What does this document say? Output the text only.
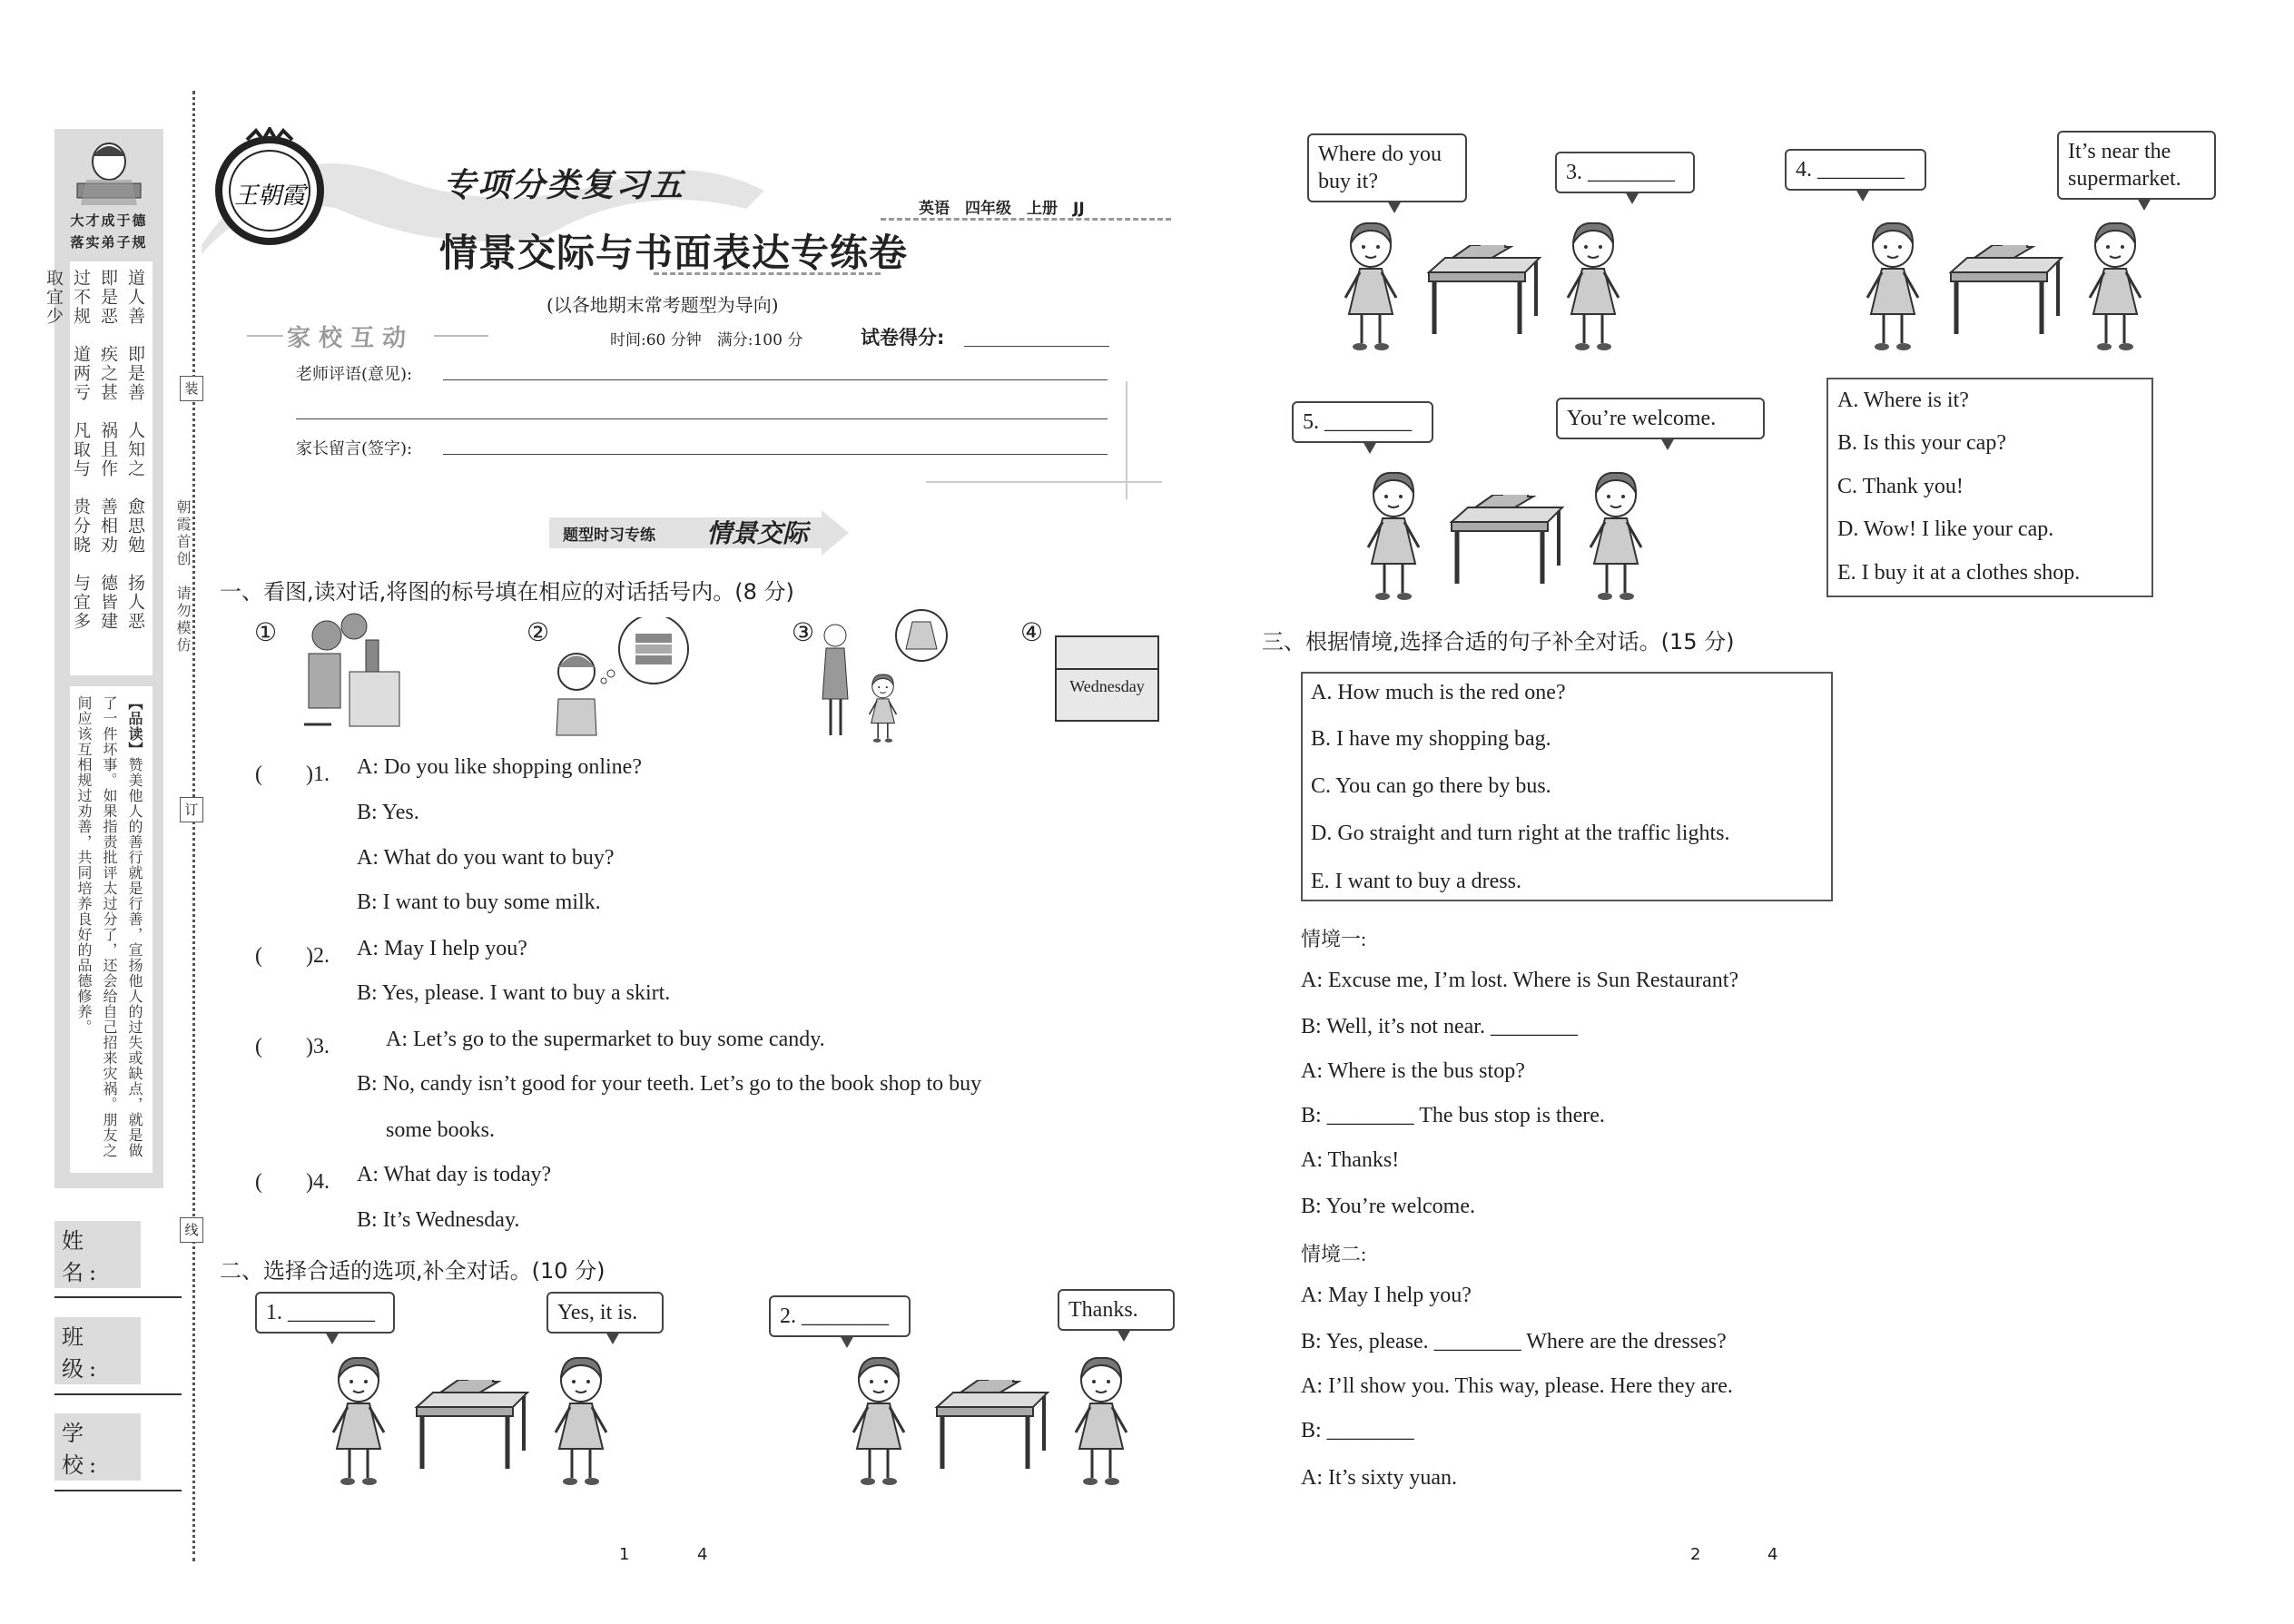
大才成于德
落实弟子规
道人善　即是善　人知之　愈思勉　扬人恶　即是恶　疾之甚　祸且作　善相劝　德皆建　过不规　道两亏　凡取与　贵分晓　与宜多　取宜少
【品读】赞美他人的善行就是行善，宣扬他人的过失或缺点，就是做了一件坏事。如果指责批评太过分了，还会给自己招来灾祸。朋友之间应该互相规过劝善，共同培养良好的品德修养。
姓 名:
班 级:
学 校:
装
订
线
朝霞首创　请勿模仿
王朝霞	专项分类复习五
情景交际与书面表达专练卷
英语　四年级　上册　JJ
(以各地期末常考题型为导向)
家 校 互 动	时间:60 分钟　满分:100 分	试卷得分:
老师评语(意见):
家长留言(签字):
题型时习专练 情景交际
一、看图,读对话,将图的标号填在相应的对话括号内。(8 分)
①	②	③	④
Wednesday
(　　)1. A: Do you like shopping online?
B: Yes.
A: What do you want to buy?
B: I want to buy some milk.
(　　)2. A: May I help you?
B: Yes, please. I want to buy a skirt.
(　　)3.	A: Let’s go to the supermarket to buy some candy.
B: No, candy isn’t good for your teeth. Let’s go to the book shop to buy
some books.
(　　)4. A: What day is today?
B: It’s Wednesday.
二、选择合适的选项,补全对话。(10 分)
1. ________	Yes, it is.	2. ________	Thanks.
Where do you buy it?	3. ________	4. ________
It’s near the supermarket.
5. ________	You’re welcome.
A. Where is it?
B. Is this your cap?
C. Thank you!
D. Wow! I like your cap.
E. I buy it at a clothes shop.
三、根据情境,选择合适的句子补全对话。(15 分)
A. How much is the red one?
B. I have my shopping bag.
C. You can go there by bus.
D. Go straight and turn right at the traffic lights.
E. I want to buy a dress.
情境一:
A: Excuse me, I’m lost. Where is Sun Restaurant?
B: Well, it’s not near. ________
A: Where is the bus stop?
B: ________ The bus stop is there.
A: Thanks!
B: You’re welcome.
情境二:
A: May I help you?
B: Yes, please. ________ Where are the dresses?
A: I’ll show you. This way, please. Here they are.
B: ________
A: It’s sixty yuan.
1	4	2	4
